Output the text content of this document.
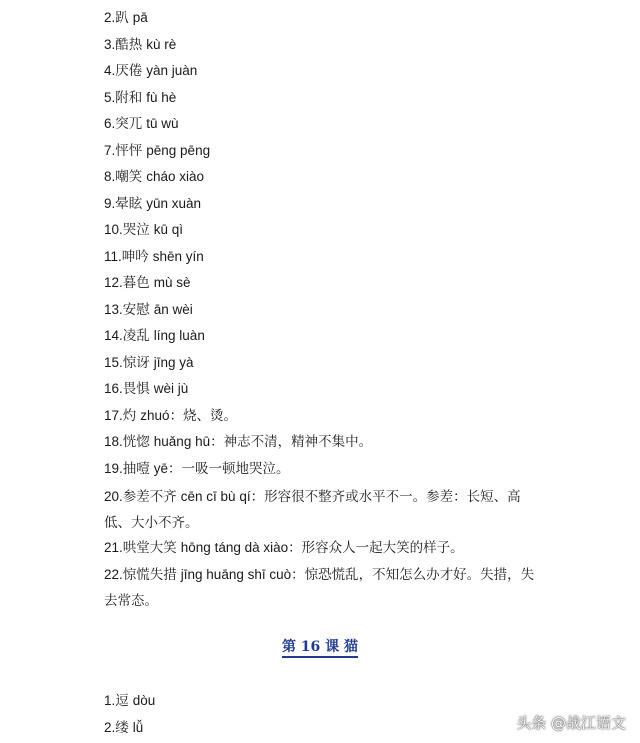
2.趴 pā
3.酷热 kù rè
4.厌倦 yàn juàn
5.附和 fù hè
6.突兀 tū wù
7.怦怦 pēng pēng
8.嘲笑 cháo xiào
9.晕眩 yūn xuàn
10.哭泣 kū qì
11.呻吟 shēn yín
12.暮色 mù sè
13.安慰 ān wèi
14.凌乱 líng luàn
15.惊讶 jīng yà
16.畏惧 wèi jù
17.灼 zhuó：烧、烫。
18.恍惚 huǎng hū：神志不清，精神不集中。
19.抽噎 yē：一吸一顿地哭泣。
20.参差不齐 cēn cī bù qí：形容很不整齐或水平不一。参差：长短、高低、大小不齐。
21.哄堂大笑 hōng táng dà xiào：形容众人一起大笑的样子。
22.惊慌失措 jīng huāng shī cuò：惊恐慌乱，不知怎么办才好。失措，失去常态。
第 16 课 猫
1.逗 dòu
2.缕 lǚ	头条 @战江语文
